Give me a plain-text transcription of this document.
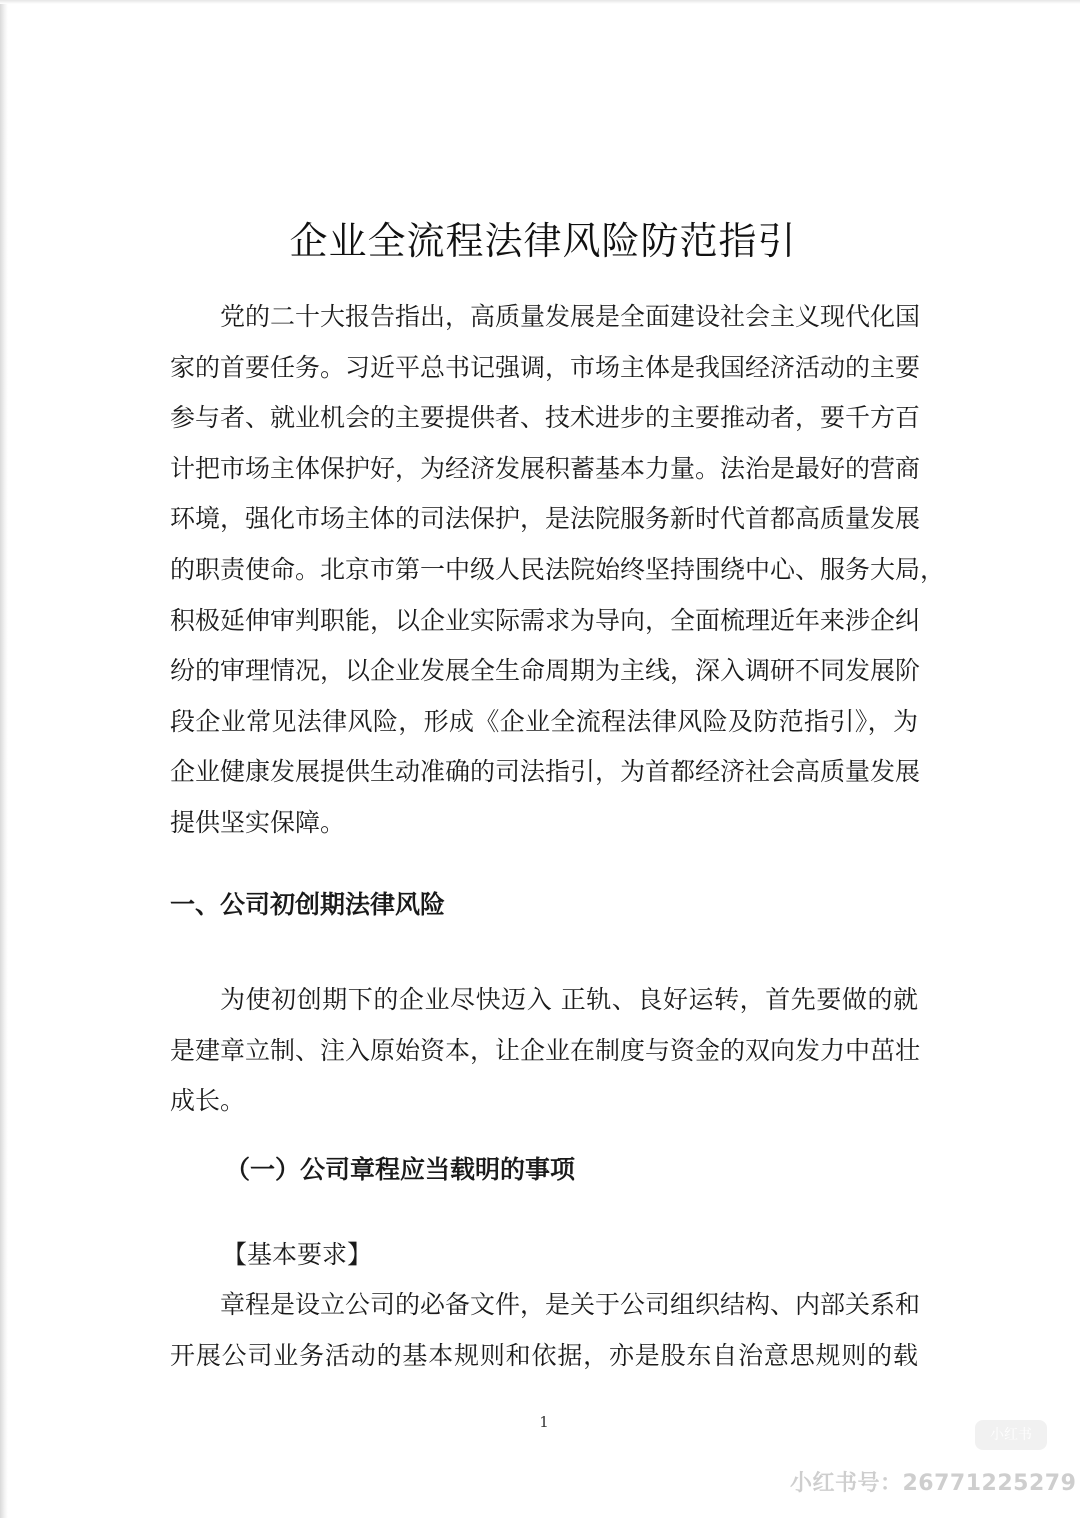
企业全流程法律风险防范指引
党的二十大报告指出，高质量发展是全面建设社会主义现代化国
家的首要任务。习近平总书记强调，市场主体是我国经济活动的主要
参与者、就业机会的主要提供者、技术进步的主要推动者，要千方百
计把市场主体保护好，为经济发展积蓄基本力量。法治是最好的营商
环境，强化市场主体的司法保护，是法院服务新时代首都高质量发展
的职责使命。北京市第一中级人民法院始终坚持围绕中心、服务大局，
积极延伸审判职能，以企业实际需求为导向，全面梳理近年来涉企纠
纷的审理情况，以企业发展全生命周期为主线，深入调研不同发展阶
段企业常见法律风险，形成《企业全流程法律风险及防范指引》，为
企业健康发展提供生动准确的司法指引，为首都经济社会高质量发展
提供坚实保障。
一、公司初创期法律风险
为使初创期下的企业尽快迈入 正轨、良好运转，首先要做的就
是建章立制、注入原始资本，让企业在制度与资金的双向发力中茁壮
成长。
（一）公司章程应当载明的事项
【基本要求】
章程是设立公司的必备文件，是关于公司组织结构、内部关系和
开展公司业务活动的基本规则和依据，亦是股东自治意思规则的载
1
小红书
小红书号：26771225279
